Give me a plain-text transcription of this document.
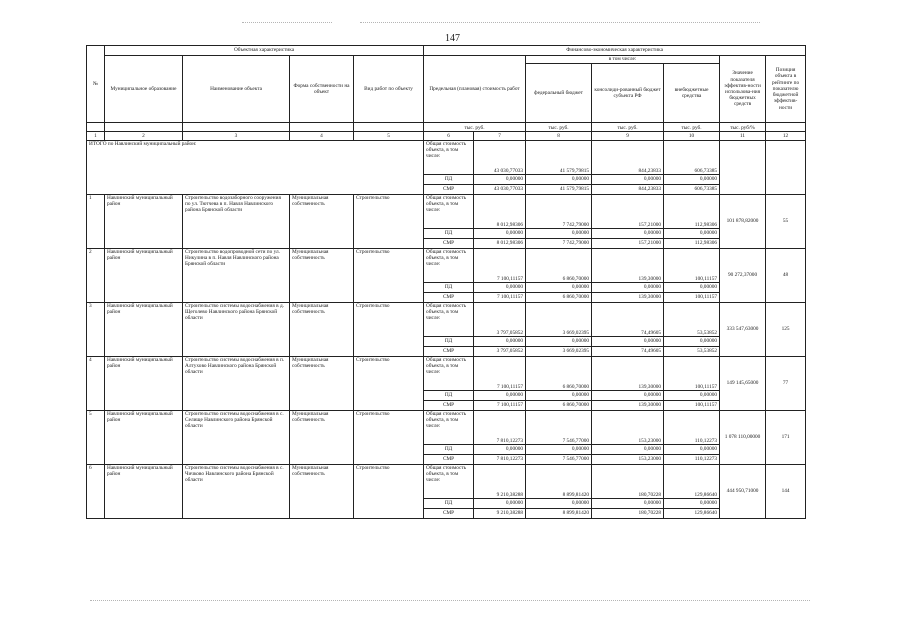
147
№	Объектная характеристика				Финансово-экономическая характеристика						
	Муниципальное образование	Наименование объекта	Форма собственности на объект	Вид работ по объекту	Предельная (плановая) стоимость работ		в том числе:			Значение показателя эффектив-ности использова-ния бюджетных средств	Позиция объекта в рейтинге по показателю бюджетной эффектив-ности
							федеральный бюджет	консолиди-рованный бюджет субъекта РФ	внебюджетные средства		
					тыс. руб.		тыс. руб.	тыс. руб.	тыс. руб.	тыс. руб/%	
1	2	3	4	5	6	7	8	9	10	11	12
ИТОГО по Навлинский муниципальный район:					Общая стоимость объекта, в том числе:	43 030,77033	41 579,79815	844,23833	606,73385		
					ПД	0,00000	0,00000	0,00000	0,00000		
					СМР	43 030,77033	41 579,79815	844,23833	606,73385		
1	Навлинский муниципальный район	Строительство водозаборного сооружения по ул. Тютчева в п. Навля Навлинского района Брянской области	Муниципальная собственность	Строительство	Общая стоимость объекта, в том числе:	8 012,98306	7 742,79000	157,21000	112,98306	101 878,82000	55
					ПД	0,00000	0,00000	0,00000	0,00000		
					СМР	8 012,98306	7 742,79000	157,21000	112,98306		
2	Навлинский муниципальный район	Строительство водопроводной сети по ул. Никулина в п. Навля Навлинского района Брянской области	Муниципальная собственность	Строительство	Общая стоимость объекта, в том числе:	7 100,11157	6 860,70000	139,30000	100,11157	90 272,37000	48
					ПД	0,00000	0,00000	0,00000	0,00000		
					СМР	7 100,11157	6 860,70000	139,30000	100,11157		
3	Навлинский муниципальный район	Строительство системы водоснабжения в д. Щеголево Навлинского района Брянской области	Муниципальная собственность	Строительство	Общая стоимость объекта, в том числе:	3 797,05852	3 669,02395	74,49605	53,53852	333 547,63000	125
					ПД	0,00000	0,00000	0,00000	0,00000		
					СМР	3 797,05852	3 669,02395	74,49605	53,53852		
4	Навлинский муниципальный район	Строительство системы водоснабжения в п. Алтухово Навлинского района Брянской области	Муниципальная собственность	Строительство	Общая стоимость объекта, в том числе:	7 100,11157	6 860,70000	139,30000	100,11157	149 145,65000	77
					ПД	0,00000	0,00000	0,00000	0,00000		
					СМР	7 100,11157	6 860,70000	139,30000	100,11157		
5	Навлинский муниципальный район	Строительство системы водоснабжения в с. Селище Навлинского района Брянской области	Муниципальная собственность	Строительство	Общая стоимость объекта, в том числе:	7 810,12273	7 546,77000	153,23000	110,12273	1 078 110,00000	171
					ПД	0,00000	0,00000	0,00000	0,00000		
					СМР	7 810,12273	7 546,77000	153,23000	110,12273		
6	Навлинский муниципальный район	Строительство системы водоснабжения в с. Чичково Навлинского района Брянской области	Муниципальная собственность	Строительство	Общая стоимость объекта, в том числе:	9 210,38288	8 899,81420	180,70228	129,86640	444 950,71000	144
					ПД	0,00000	0,00000	0,00000	0,00000		
					СМР	9 210,38288	8 899,81420	180,70228	129,86640		
